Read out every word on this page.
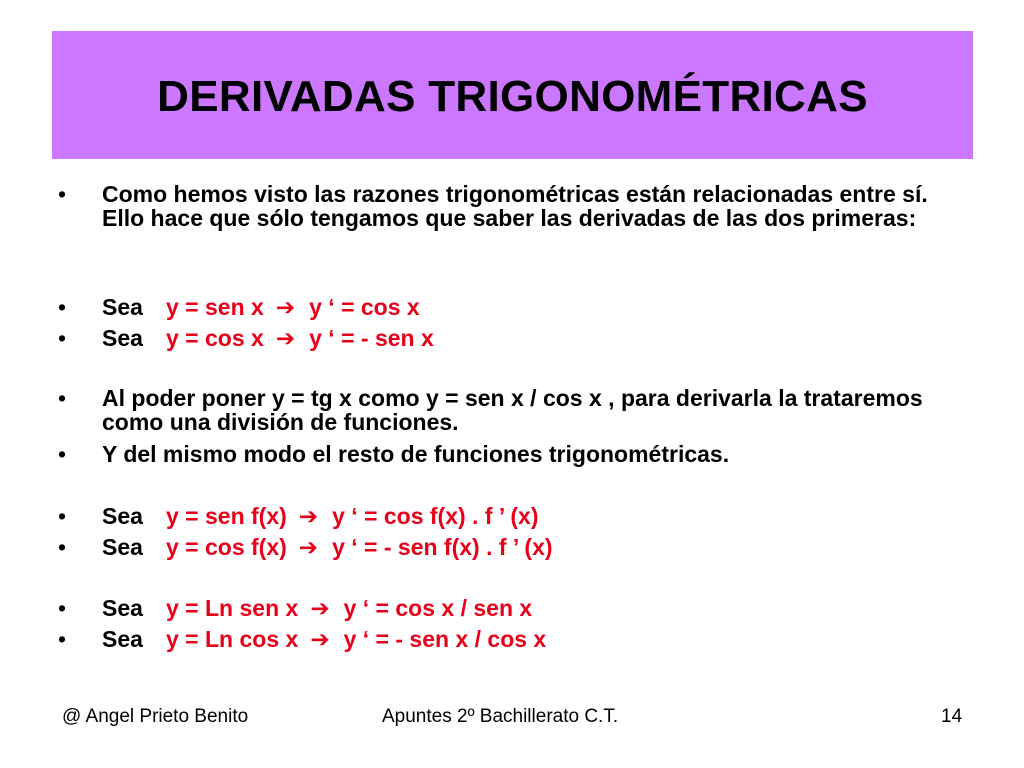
DERIVADAS TRIGONOMÉTRICAS
• Como hemos visto las razones trigonométricas están relacionadas entre sí. Ello hace que sólo tengamos que saber las derivadas de las dos primeras:
• Sea y = sen x ➔ y ‘ = cos x
• Sea y = cos x ➔ y ‘ = - sen x
• Al poder poner y = tg x como y = sen x / cos x , para derivarla la trataremos como una división de funciones.
• Y del mismo modo el resto de funciones trigonométricas.
• Sea y = sen f(x) ➔ y ‘ = cos f(x) . f ’ (x)
• Sea y = cos f(x) ➔ y ‘ = - sen f(x) . f ’ (x)
• Sea y = Ln sen x ➔ y ‘ = cos x / sen x
• Sea y = Ln cos x ➔ y ‘ = - sen x / cos x
@ Angel Prieto Benito	Apuntes 2º Bachillerato C.T.	14
